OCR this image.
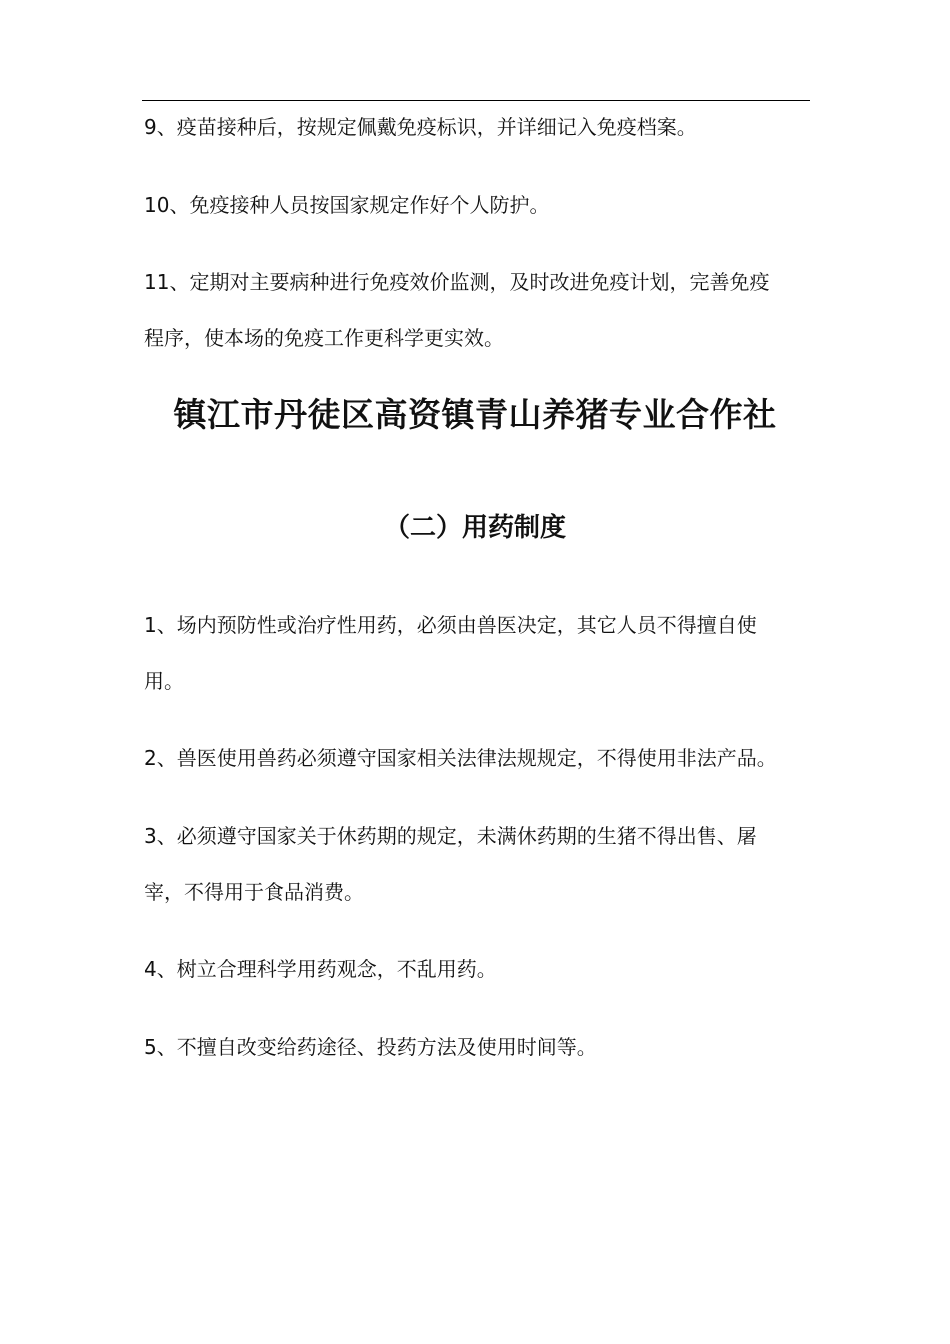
9、疫苗接种后，按规定佩戴免疫标识，并详细记入免疫档案。
10、免疫接种人员按国家规定作好个人防护。
11、定期对主要病种进行免疫效价监测，及时改进免疫计划，完善免疫
程序，使本场的免疫工作更科学更实效。
镇江市丹徒区高资镇青山养猪专业合作社
（二）用药制度
1、场内预防性或治疗性用药，必须由兽医决定，其它人员不得擅自使
用。
2、兽医使用兽药必须遵守国家相关法律法规规定，不得使用非法产品。
3、必须遵守国家关于休药期的规定，未满休药期的生猪不得出售、屠
宰，不得用于食品消费。
4、树立合理科学用药观念，不乱用药。
5、不擅自改变给药途径、投药方法及使用时间等。
